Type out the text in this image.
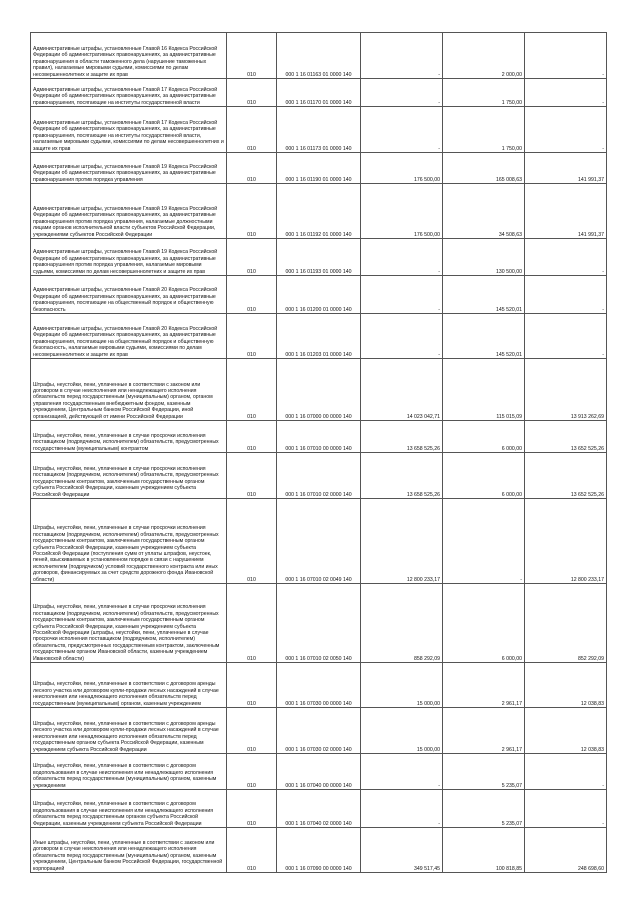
Административные штрафы, установленные Главой 16 Кодекса Российской Федерации об административных правонарушениях, за административные правонарушения в области таможенного дела (нарушение таможенных правил), налагаемые мировыми судьями, комиссиями по делам несовершеннолетних и защите их прав	010	000 1 16 01163 01 0000 140	-	2 000,00	-
Административные штрафы, установленные Главой 17 Кодекса Российской Федерации об административных правонарушениях, за административные правонарушения, посягающие на институты государственной власти	010	000 1 16 01170 01 0000 140	-	1 750,00	-
Административные штрафы, установленные Главой 17 Кодекса Российской Федерации об административных правонарушениях, за административные правонарушения, посягающие на институты государственной власти, налагаемые мировыми судьями, комиссиями по делам несовершеннолетних и защите их прав	010	000 1 16 01173 01 0000 140	-	1 750,00	-
Административные штрафы, установленные Главой 19 Кодекса Российской Федерации об административных правонарушениях, за административные правонарушения против порядка управления	010	000 1 16 01190 01 0000 140	176 500,00	165 008,63	141 991,37
Административные штрафы, установленные Главой 19 Кодекса Российской Федерации об административных правонарушениях, за административные правонарушения против порядка управления, налагаемые должностными лицами органов исполнительной власти субъектов Российской Федерации, учреждениями субъектов Российской Федерации	010	000 1 16 01192 01 0000 140	176 500,00	34 508,63	141 991,37
Административные штрафы, установленные Главой 19 Кодекса Российской Федерации об административных правонарушениях, за административные правонарушения против порядка управления, налагаемые мировыми судьями, комиссиями по делам несовершеннолетних и защите их прав	010	000 1 16 01193 01 0000 140	-	130 500,00	-
Административные штрафы, установленные Главой 20 Кодекса Российской Федерации об административных правонарушениях, за административные правонарушения, посягающие на общественный порядок и общественную безопасность	010	000 1 16 01200 01 0000 140	-	145 520,01	-
Административные штрафы, установленные Главой 20 Кодекса Российской Федерации об административных правонарушениях, за административные правонарушения, посягающие на общественный порядок и общественную безопасность, налагаемые мировыми судьями, комиссиями по делам несовершеннолетних и защите их прав	010	000 1 16 01203 01 0000 140	-	145 520,01	-
Штрафы, неустойки, пени, уплаченные в соответствии с законом или договором в случае неисполнения или ненадлежащего исполнения обязательств перед государственным (муниципальным) органом, органом управления государственным внебюджетным фондом, казенным учреждением, Центральным банком Российской Федерации, иной организацией, действующей от имени Российской Федерации	010	000 1 16 07000 00 0000 140	14 023 042,71	115 015,09	13 913 262,69
Штрафы, неустойки, пени, уплаченные в случае просрочки исполнения поставщиком (подрядчиком, исполнителем) обязательств, предусмотренных государственным (муниципальным) контрактом	010	000 1 16 07010 00 0000 140	13 658 525,26	6 000,00	13 652 525,26
Штрафы, неустойки, пени, уплаченные в случае просрочки исполнения поставщиком (подрядчиком, исполнителем) обязательств, предусмотренных государственным контрактом, заключенным государственным органом субъекта Российской Федерации, казенным учреждением субъекта Российской Федерации	010	000 1 16 07010 02 0000 140	13 658 525,26	6 000,00	13 652 525,26
Штрафы, неустойки, пени, уплаченные в случае просрочки исполнения поставщиком (подрядчиком, исполнителем) обязательств, предусмотренных государственным контрактом, заключенным государственным органом субъекта Российской Федерации, казенным учреждением субъекта Российской Федерации (поступления сумм от уплаты штрафов, неустоек, пеней, взыскиваемых в установленном порядке в связи с нарушением исполнителем (подрядчиком) условий государственного контракта или иных договоров, финансируемых за счет средств дорожного фонда Ивановской области)	010	000 1 16 07010 02 0049 140	12 800 233,17	-	12 800 233,17
Штрафы, неустойки, пени, уплаченные в случае просрочки исполнения поставщиком (подрядчиком, исполнителем) обязательств, предусмотренных государственным контрактом, заключенным государственным органом субъекта Российской Федерации, казенным учреждением субъекта Российской Федерации (штрафы, неустойки, пени, уплаченные в случае просрочки исполнения поставщиком (подрядчиком, исполнителем) обязательств, предусмотренных государственным контрактом, заключенным государственным органом Ивановской области, казенным учреждением Ивановской области)	010	000 1 16 07010 02 0050 140	858 292,09	6 000,00	852 292,09
Штрафы, неустойки, пени, уплаченные в соответствии с договором аренды лесного участка или договором купли-продажи лесных насаждений в случае неисполнения или ненадлежащего исполнения обязательств перед государственным (муниципальным) органом, казенным учреждением	010	000 1 16 07030 00 0000 140	15 000,00	2 961,17	12 038,83
Штрафы, неустойки, пени, уплаченные в соответствии с договором аренды лесного участка или договором купли-продажи лесных насаждений в случае неисполнения или ненадлежащего исполнения обязательств перед государственным органом субъекта Российской Федерации, казенным учреждением субъекта Российской Федерации	010	000 1 16 07030 02 0000 140	15 000,00	2 961,17	12 038,83
Штрафы, неустойки, пени, уплаченные в соответствии с договором водопользования в случае неисполнения или ненадлежащего исполнения обязательств перед государственным (муниципальным) органом, казенным учреждением	010	000 1 16 07040 00 0000 140	-	5 235,07	-
Штрафы, неустойки, пени, уплаченные в соответствии с договором водопользования в случае неисполнения или ненадлежащего исполнения обязательств перед государственным органом субъекта Российской Федерации, казенным учреждением субъекта Российской Федерации	010	000 1 16 07040 02 0000 140	-	5 235,07	-
Иные штрафы, неустойки, пени, уплаченные в соответствии с законом или договором в случае неисполнения или ненадлежащего исполнения обязательств перед государственным (муниципальным) органом, казенным учреждением, Центральным банком Российской Федерации, государственной корпорацией	010	000 1 16 07090 00 0000 140	349 517,45	100 818,85	248 698,60
